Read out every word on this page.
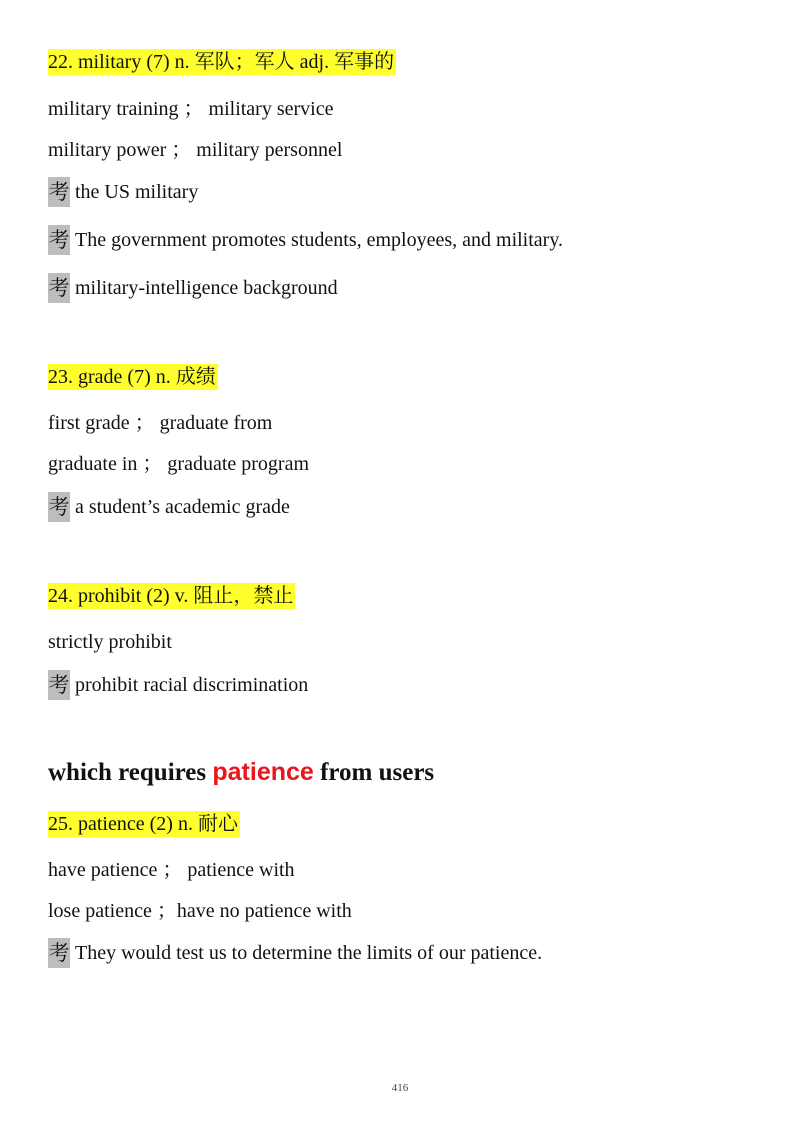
22. military (7) n. 军队；军人 adj. 军事的
military training ； military service
military power ； military personnel
考 the US military
考 The government promotes students, employees, and military.
考 military-intelligence background
23. grade (7) n. 成绩
first grade ； graduate from
graduate in ； graduate program
考 a student’s academic grade
24. prohibit (2) v. 阻止，禁止
strictly prohibit
考 prohibit racial discrimination
which requires patience from users
25. patience (2) n. 耐心
have patience ； patience with
lose patience ；have no patience with
考 They would test us to determine the limits of our patience.
416
